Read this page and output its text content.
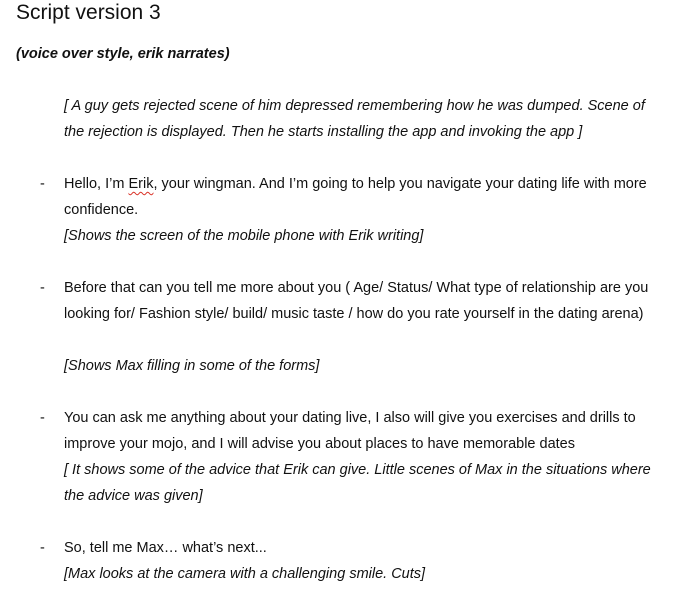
Script version 3
(voice over style, erik narrates)

[ A guy gets rejected scene of him depressed remembering how he was dumped. Scene of the rejection is displayed. Then he starts installing the app and invoking the app ]

- Hello, I’m Erik, your wingman. And I’m going to help you navigate your dating life with more confidence.

[Shows the screen of the mobile phone with Erik writing]

- Before that can you tell me more about you ( Age/ Status/ What type of relationship are you looking for/ Fashion style/ build/ music taste / how do you rate yourself in the dating arena)

[Shows Max filling in some of the forms]

- You can ask me anything about your dating live, I also will give you exercises and drills to improve your mojo, and I will advise you about places to have memorable dates

[ It shows some of the advice that Erik can give. Little scenes of Max in the situations where the advice was given]

- So, tell me Max… what’s next...

[Max looks at the camera with a challenging smile. Cuts]
